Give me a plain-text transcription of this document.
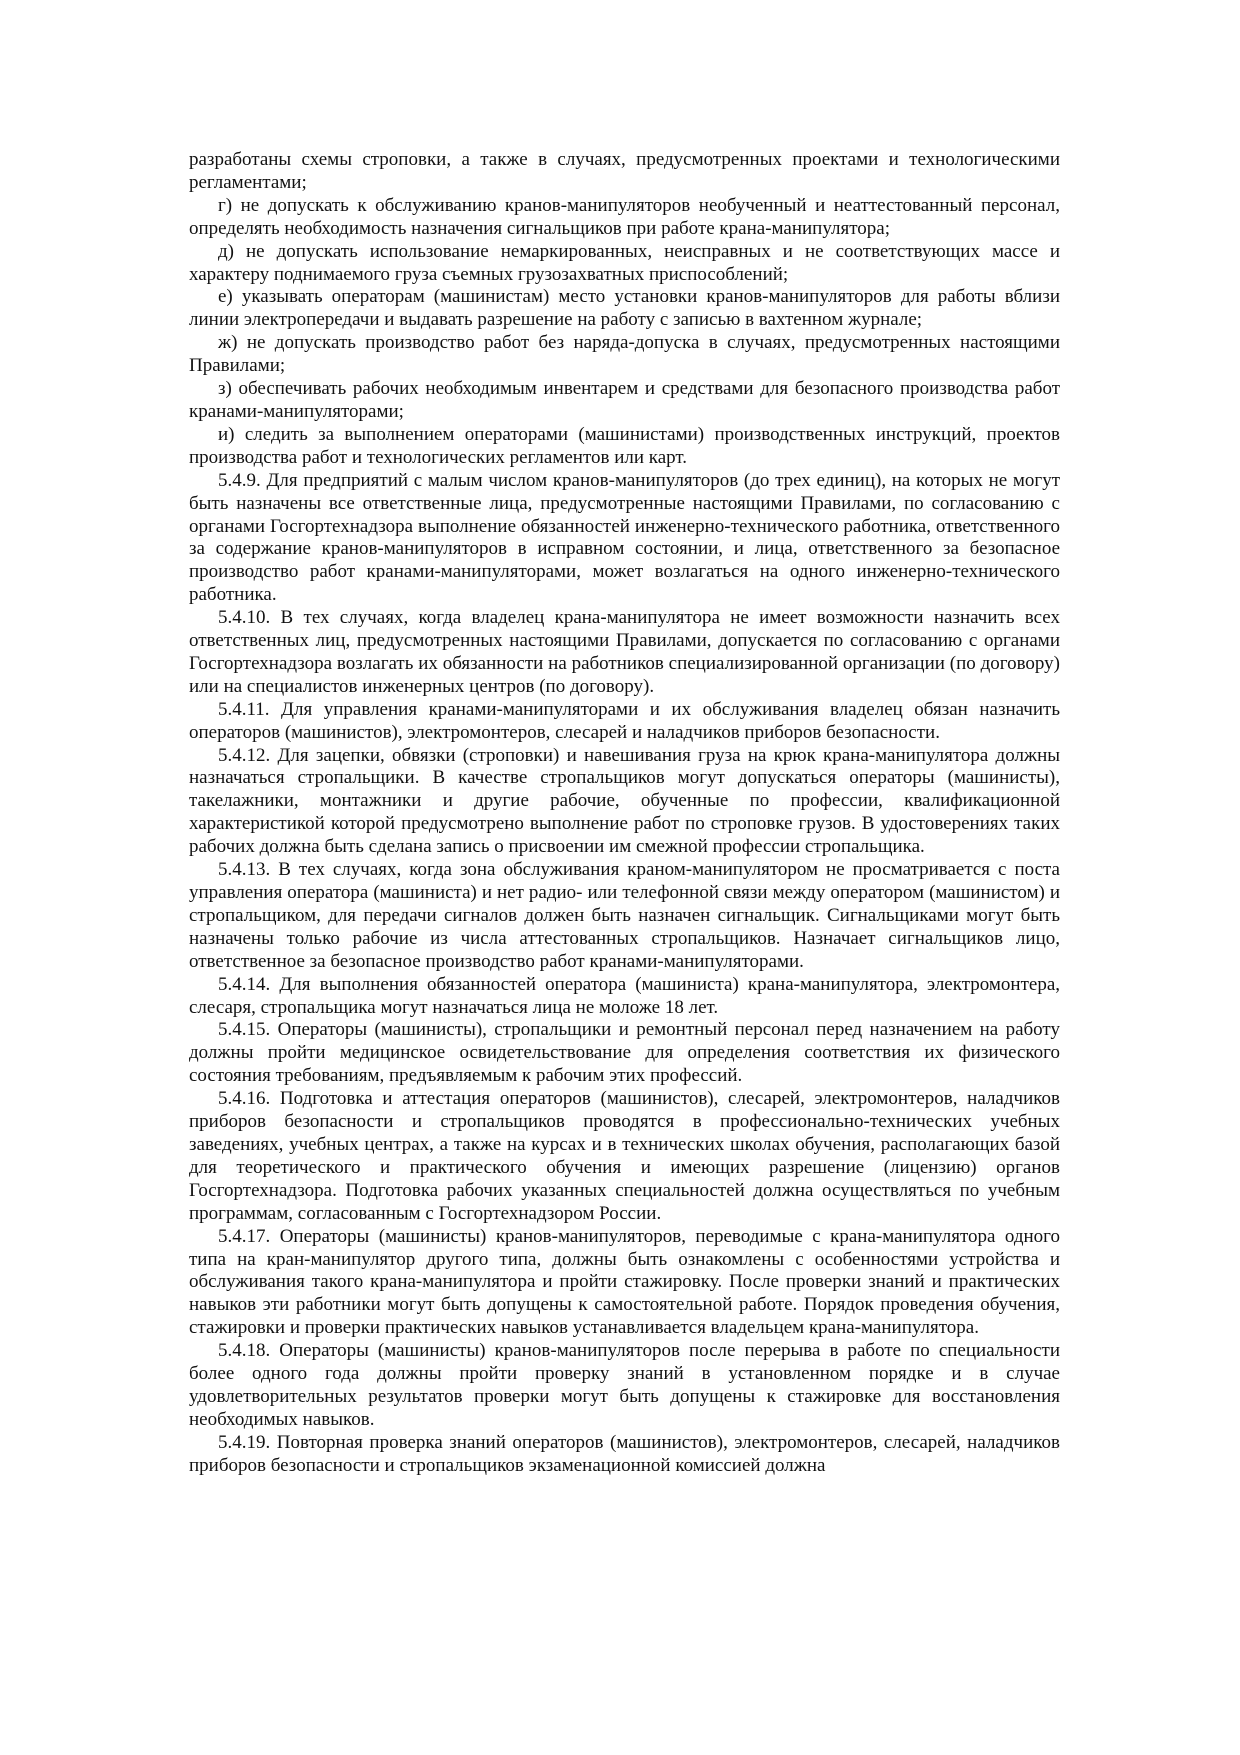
разработаны схемы строповки, а также в случаях, предусмотренных проектами и технологическими регламентами;

г) не допускать к обслуживанию кранов-манипуляторов необученный и неаттестованный персонал, определять необходимость назначения сигнальщиков при работе крана-манипулятора;

д) не допускать использование немаркированных, неисправных и не соответствующих массе и характеру поднимаемого груза съемных грузозахватных приспособлений;

е) указывать операторам (машинистам) место установки кранов-манипуляторов для работы вблизи линии электропередачи и выдавать разрешение на работу с записью в вахтенном журнале;

ж) не допускать производство работ без наряда-допуска в случаях, предусмотренных настоящими Правилами;

з) обеспечивать рабочих необходимым инвентарем и средствами для безопасного производства работ кранами-манипуляторами;

и) следить за выполнением операторами (машинистами) производственных инструкций, проектов производства работ и технологических регламентов или карт.

5.4.9. Для предприятий с малым числом кранов-манипуляторов (до трех единиц), на которых не могут быть назначены все ответственные лица, предусмотренные настоящими Правилами, по согласованию с органами Госгортехнадзора выполнение обязанностей инженерно-технического работника, ответственного за содержание кранов-манипуляторов в исправном состоянии, и лица, ответственного за безопасное производство работ кранами-манипуляторами, может возлагаться на одного инженерно-технического работника.

5.4.10. В тех случаях, когда владелец крана-манипулятора не имеет возможности назначить всех ответственных лиц, предусмотренных настоящими Правилами, допускается по согласованию с органами Госгортехнадзора возлагать их обязанности на работников специализированной организации (по договору) или на специалистов инженерных центров (по договору).

5.4.11. Для управления кранами-манипуляторами и их обслуживания владелец обязан назначить операторов (машинистов), электромонтеров, слесарей и наладчиков приборов безопасности.

5.4.12. Для зацепки, обвязки (строповки) и навешивания груза на крюк крана-манипулятора должны назначаться стропальщики. В качестве стропальщиков могут допускаться операторы (машинисты), такелажники, монтажники и другие рабочие, обученные по профессии, квалификационной характеристикой которой предусмотрено выполнение работ по строповке грузов. В удостоверениях таких рабочих должна быть сделана запись о присвоении им смежной профессии стропальщика.

5.4.13. В тех случаях, когда зона обслуживания краном-манипулятором не просматривается с поста управления оператора (машиниста) и нет радио- или телефонной связи между оператором (машинистом) и стропальщиком, для передачи сигналов должен быть назначен сигнальщик. Сигнальщиками могут быть назначены только рабочие из числа аттестованных стропальщиков. Назначает сигнальщиков лицо, ответственное за безопасное производство работ кранами-манипуляторами.

5.4.14. Для выполнения обязанностей оператора (машиниста) крана-манипулятора, электромонтера, слесаря, стропальщика могут назначаться лица не моложе 18 лет.

5.4.15. Операторы (машинисты), стропальщики и ремонтный персонал перед назначением на работу должны пройти медицинское освидетельствование для определения соответствия их физического состояния требованиям, предъявляемым к рабочим этих профессий.

5.4.16. Подготовка и аттестация операторов (машинистов), слесарей, электромонтеров, наладчиков приборов безопасности и стропальщиков проводятся в профессионально-технических учебных заведениях, учебных центрах, а также на курсах и в технических школах обучения, располагающих базой для теоретического и практического обучения и имеющих разрешение (лицензию) органов Госгортехнадзора. Подготовка рабочих указанных специальностей должна осуществляться по учебным программам, согласованным с Госгортехнадзором России.

5.4.17. Операторы (машинисты) кранов-манипуляторов, переводимые с крана-манипулятора одного типа на кран-манипулятор другого типа, должны быть ознакомлены с особенностями устройства и обслуживания такого крана-манипулятора и пройти стажировку. После проверки знаний и практических навыков эти работники могут быть допущены к самостоятельной работе. Порядок проведения обучения, стажировки и проверки практических навыков устанавливается владельцем крана-манипулятора.

5.4.18. Операторы (машинисты) кранов-манипуляторов после перерыва в работе по специальности более одного года должны пройти проверку знаний в установленном порядке и в случае удовлетворительных результатов проверки могут быть допущены к стажировке для восстановления необходимых навыков.

5.4.19. Повторная проверка знаний операторов (машинистов), электромонтеров, слесарей, наладчиков приборов безопасности и стропальщиков экзаменационной комиссией должна
